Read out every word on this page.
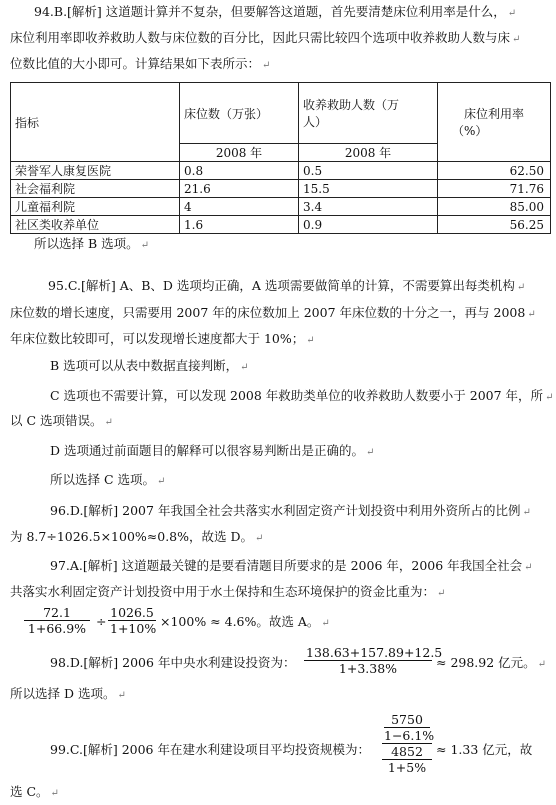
94.B.[解析] 这道题计算并不复杂，但要解答这道题，首先要清楚床位利用率是什么， ↵
床位利用率即收养救助人数与床位数的百分比，因此只需比较四个选项中收养救助人数与床 ↵
位数比值的大小即可。计算结果如下表所示： ↵
指标	床位数（万张）	收养救助人数（万
人）	床位利用率
（%）

	2008 年	2008 年	
荣誉军人康复医院	0.8	0.5	62.50
社会福利院	21.6	15.5	71.76
儿童福利院	4	3.4	85.00
社区类收养单位	1.6	0.9	56.25
所以选择 B 选项。 ↵
95.C.[解析] A、B、D 选项均正确，A 选项需要做简单的计算，不需要算出每类机构 ↵
床位数的增长速度，只需要用 2007 年的床位数加上 2007 年床位数的十分之一，再与 2008 ↵
年床位数比较即可，可以发现增长速度都大于 10%； ↵
B 选项可以从表中数据直接判断， ↵
C 选项也不需要计算，可以发现 2008 年救助类单位的收养救助人数要小于 2007 年，所 ↵
以 C 选项错误。 ↵
D 选项通过前面题目的解释可以很容易判断出是正确的。 ↵
所以选择 C 选项。 ↵
96.D.[解析] 2007 年我国全社会共落实水利固定资产计划投资中利用外资所占的比例 ↵
为 8.7÷1026.5×100%≈0.8%，故选 D。 ↵
97.A.[解析] 这道题最关键的是要看清题目所要求的是 2006 年，2006 年我国全社会 ↵
共落实水利固定资产计划投资中用于水土保持和生态环境保护的资金比重为： ↵
$\frac{72.1}{1+66.9\%} \div \frac{1026.5}{1+10\%} \times 100\% \approx 4.6\%$。故选 A。 ↵
98.D.[解析] 2006 年中央水利建设投资为： $\frac{138.63+157.89+12.5}{1+3.38\%} \approx 298.92$ 亿元。 ↵
所以选择 D 选项。 ↵
99.C.[解析] 2006 年在建水利建设项目平均投资规模为： 5750
1−6.1%
4852
1+5% ≈ 1.33 亿元，故
选 C。 ↵
